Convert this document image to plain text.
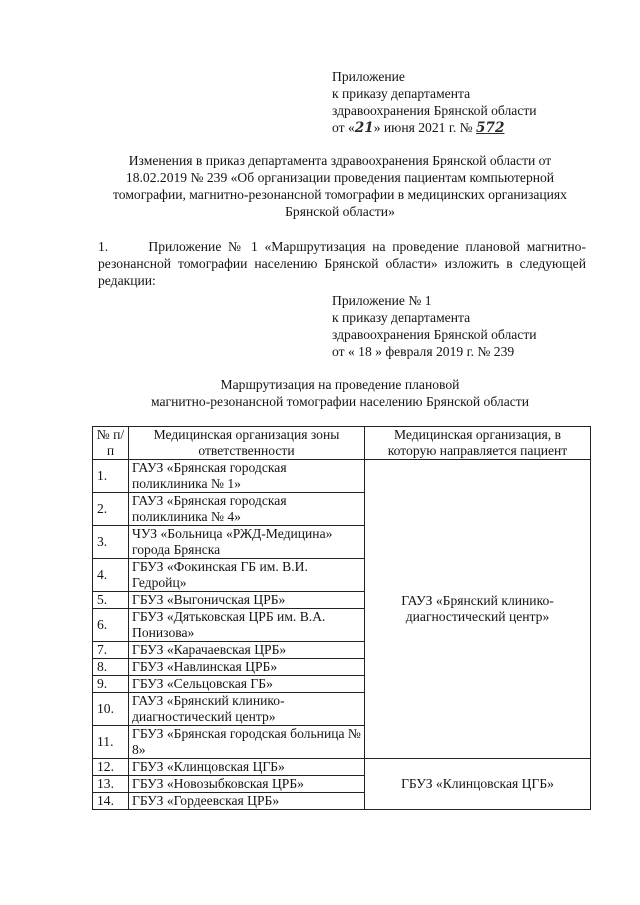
Приложение
к приказу департамента
здравоохранения Брянской области
от «21» июня 2021 г. № 572
Изменения в приказ департамента здравоохранения Брянской области от 18.02.2019 № 239 «Об организации проведения пациентам компьютерной томографии, магнитно-резонансной томографии в медицинских организациях Брянской области»
1.      Приложение № 1 «Маршрутизация на проведение плановой магнитно-резонансной томографии населению Брянской области» изложить в следующей редакции:
Приложение № 1
к приказу департамента
здравоохранения Брянской области
от « 18 » февраля 2019 г. № 239
Маршрутизация на проведение плановой
магнитно-резонансной томографии населению Брянской области
№ п/п	Медицинская организация зоны ответственности	Медицинская организация, в которую направляется пациент
1.	ГАУЗ «Брянская городская поликлиника № 1»	ГАУЗ «Брянский клинико-диагностический центр»
2.	ГАУЗ «Брянская городская поликлиника № 4»	
3.	ЧУЗ «Больница «РЖД-Медицина» города Брянска	
4.	ГБУЗ «Фокинская ГБ им. В.И. Гедройц»	
5.	ГБУЗ «Выгоничская ЦРБ»	
6.	ГБУЗ «Дятьковская ЦРБ им. В.А. Понизова»	
7.	ГБУЗ «Карачаевская ЦРБ»	
8.	ГБУЗ «Навлинская ЦРБ»	
9.	ГБУЗ «Сельцовская ГБ»	
10.	ГАУЗ «Брянский клинико-диагностический центр»	
11.	ГБУЗ «Брянская городская больница № 8»	
12.	ГБУЗ «Клинцовская ЦГБ»	ГБУЗ «Клинцовская ЦГБ»
13.	ГБУЗ «Новозыбковская ЦРБ»	
14.	ГБУЗ «Гордеевская ЦРБ»	
